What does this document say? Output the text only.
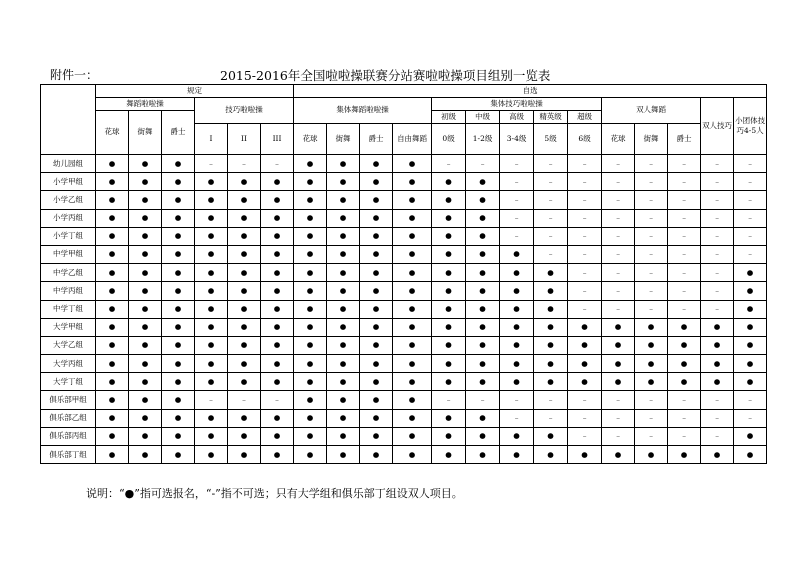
附件一：	2015-2016年全国啦啦操联赛分站赛啦啦操项目组别一览表
	规定						自选													
	舞蹈啦啦操			技巧啦啦操			集体舞蹈啦啦操				集体技巧啦啦操					双人舞蹈			双人技巧	小团体技巧4-5人
	花球	街舞	爵士								初级	中级	高级	精英级	超级					
				I	II	III	花球	街舞	爵士	自由舞蹈	0级	1-2级	3-4级	5级	6级	花球	街舞	爵士		
幼儿园组	●	●	●	–	–	–	●	●	●	●	–	–	–	–	–	–	–	–	–	–
小学甲组	●	●	●	●	●	●	●	●	●	●	●	●	–	–	–	–	–	–	–	–
小学乙组	●	●	●	●	●	●	●	●	●	●	●	●	–	–	–	–	–	–	–	–
小学丙组	●	●	●	●	●	●	●	●	●	●	●	●	–	–	–	–	–	–	–	–
小学丁组	●	●	●	●	●	●	●	●	●	●	●	●	–	–	–	–	–	–	–	–
中学甲组	●	●	●	●	●	●	●	●	●	●	●	●	●	–	–	–	–	–	–	–
中学乙组	●	●	●	●	●	●	●	●	●	●	●	●	●	●	–	–	–	–	–	●
中学丙组	●	●	●	●	●	●	●	●	●	●	●	●	●	●	–	–	–	–	–	●
中学丁组	●	●	●	●	●	●	●	●	●	●	●	●	●	●	–	–	–	–	–	●
大学甲组	●	●	●	●	●	●	●	●	●	●	●	●	●	●	●	●	●	●	●	●
大学乙组	●	●	●	●	●	●	●	●	●	●	●	●	●	●	●	●	●	●	●	●
大学丙组	●	●	●	●	●	●	●	●	●	●	●	●	●	●	●	●	●	●	●	●
大学丁组	●	●	●	●	●	●	●	●	●	●	●	●	●	●	●	●	●	●	●	●
俱乐部甲组	●	●	●	–	–	–	●	●	●	●	–	–	–	–	–	–	–	–	–	–
俱乐部乙组	●	●	●	●	●	●	●	●	●	●	●	●	–	–	–	–	–	–	–	–
俱乐部丙组	●	●	●	●	●	●	●	●	●	●	●	●	●	●	–	–	–	–	–	●
俱乐部丁组	●	●	●	●	●	●	●	●	●	●	●	●	●	●	●	●	●	●	●	●
说明：“●”指可选报名，“-”指不可选；只有大学组和俱乐部丁组设双人项目。
